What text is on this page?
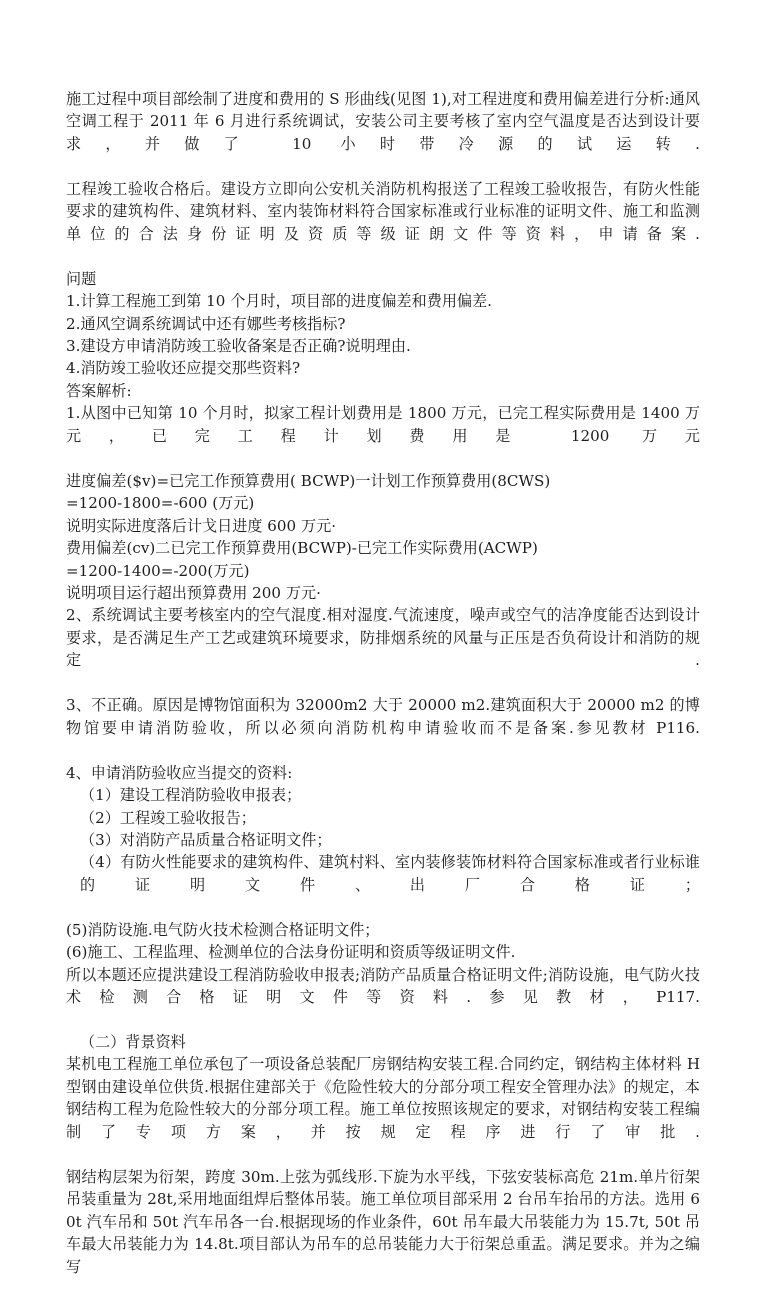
施工过程中项目部绘制了进度和费用的 S 形曲线(见图 1),对工程进度和费用偏差进行分析:通风空调工程于 2011 年 6 月进行系统调试，安装公司主要考核了室内空气温度是否达到设计要求，并做了 10 小时带冷源的试运转.

工程竣工验收合格后。建设方立即向公安机关消防机构报送了工程竣工验收报告，有防火性能要求的建筑构件、建筑材料、室内装饰材料符合国家标准或行业标准的证明文件、施工和监测单位的合法身份证明及资质等级证朗文件等资料，申请备案.

问题

1.计算工程施工到第 10 个月时，项目部的进度偏差和费用偏差.

2.通风空调系统调试中还有娜些考核指标?

3.建设方申请消防竣工验收备案是否正确?说明理由.

4.消防竣工验收还应提交那些资料?

答案解析:

1.从图中已知第 10 个月时，拟家工程计划费用是 1800 万元，已完工程实际费用是 1400 万元，已完工程计划费用是 1200 万元

进度偏差($v)=已完工作预算费用( BCWP)一计划工作预算费用(8CWS)

=1200-1800=-600 (万元)

说明实际进度落后计戈日进度 600 万元·

费用偏差(cv)二已完工作预算费用(BCWP)-已完工作实际费用(ACWP)

=1200-1400=-200(万元)

说明项目运行超出预算费用 200 万元·

2、系统调试主要考核室内的空气混度.相对湿度.气流速度，噪声或空气的洁净度能否达到设计要求，是否满足生产工艺或建筑环境要求，防排烟系统的风量与正压是否负荷设计和消防的规定.

3、不正确。原因是博物馆面积为 32000m2 大于 20000 m2.建筑面积大于 20000 m2 的博物馆要申请消防验收，所以必须向消防机构申请验收而不是备案.参见教材 P116.

4、申请消防验收应当提交的资料:

（1）建设工程消防验收申报表；

（2）工程竣工验收报告；

（3）对消防产品质量合格证明文件；

（4）有防火性能要求的建筑构件、建筑村料、室内装修装饰材料符合国家标准或者行业标谁的证明文件、出厂合格证；

(5)消防设施.电气防火技术检测合格证明文件；

(6)施工、工程监理、检测单位的合法身份证明和资质等级证明文件.

所以本题还应提洪建设工程消防验收申报表;消防产品质量合格证明文件;消防设施，电气防火技术检测合格证明文件等资料.参见教材，P117.

（二）背景资料

某机电工程施工单位承包了一项设备总装配厂房钢结构安装工程.合同约定，钢结构主体材料 H 型钢由建设单位供货.根据住建部关于《危险性较大的分部分项工程安全管理办法》的规定，本钢结构工程为危险性较大的分部分项工程。施工单位按照该规定的要求，对钢结构安装工程编制了专项方案，并按规定程序进行了审批.

钢结构层架为衍架，跨度 30m.上弦为弧线形.下旋为水平线，下弦安装标高危 21m.单片衍架吊装重量为 28t,采用地面组焊后整体吊装。施工单位项目部采用 2 台吊车抬吊的方法。选用 60t 汽车吊和 50t 汽车吊各一台.根据现场的作业条件，60t 吊车最大吊装能力为 15.7t, 50t 吊车最大吊装能力为 14.8t.项目部认为吊车的总吊装能力大于衍架总重盂。满足要求。并为之编写
